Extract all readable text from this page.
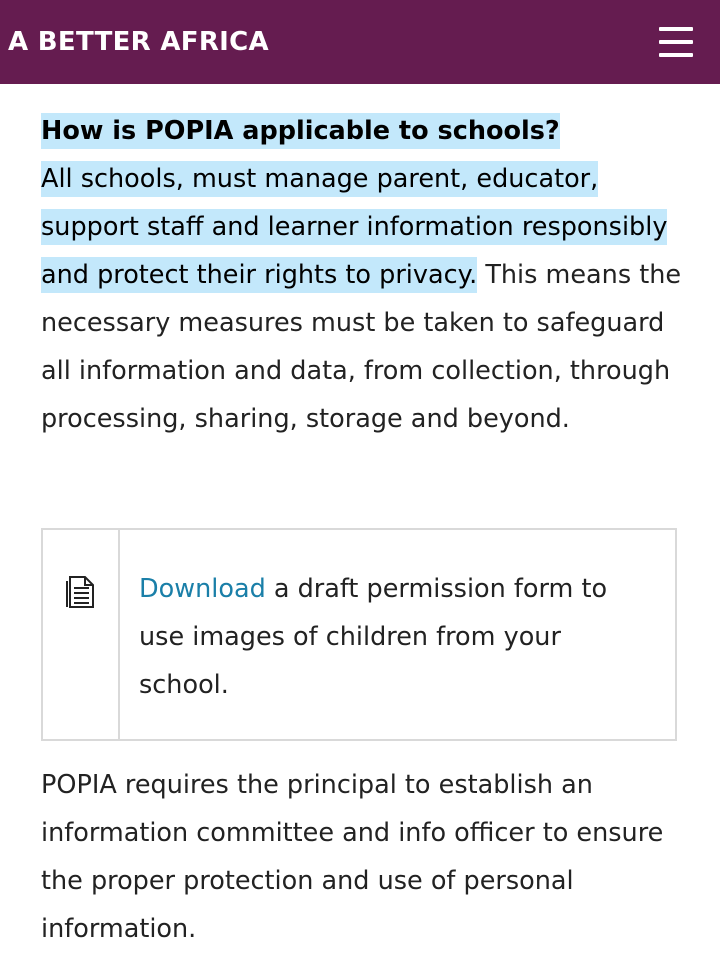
A BETTER AFRICA
How is POPIA applicable to schools?
All schools, must manage parent, educator, support staff and learner information responsibly and protect their rights to privacy. This means the necessary measures must be taken to safeguard all information and data, from collection, through processing, sharing, storage and beyond.
Download a draft permission form to use images of children from your school.
POPIA requires the principal to establish an information committee and info officer to ensure the proper protection and use of personal information.
